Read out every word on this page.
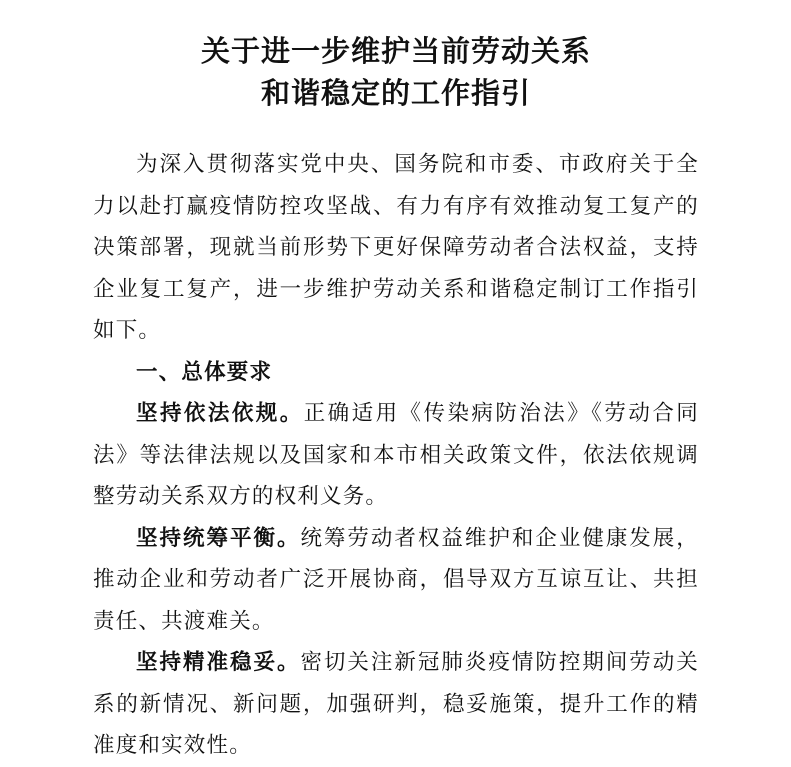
关于进一步维护当前劳动关系
和谐稳定的工作指引

为深入贯彻落实党中央、国务院和市委、市政府关于全力以赴打赢疫情防控攻坚战、有力有序有效推动复工复产的决策部署，现就当前形势下更好保障劳动者合法权益，支持企业复工复产，进一步维护劳动关系和谐稳定制订工作指引如下。

一、总体要求

坚持依法依规。正确适用《传染病防治法》《劳动合同法》等法律法规以及国家和本市相关政策文件，依法依规调整劳动关系双方的权利义务。

坚持统筹平衡。统筹劳动者权益维护和企业健康发展，推动企业和劳动者广泛开展协商，倡导双方互谅互让、共担责任、共渡难关。

坚持精准稳妥。密切关注新冠肺炎疫情防控期间劳动关系的新情况、新问题，加强研判，稳妥施策，提升工作的精准度和实效性。
